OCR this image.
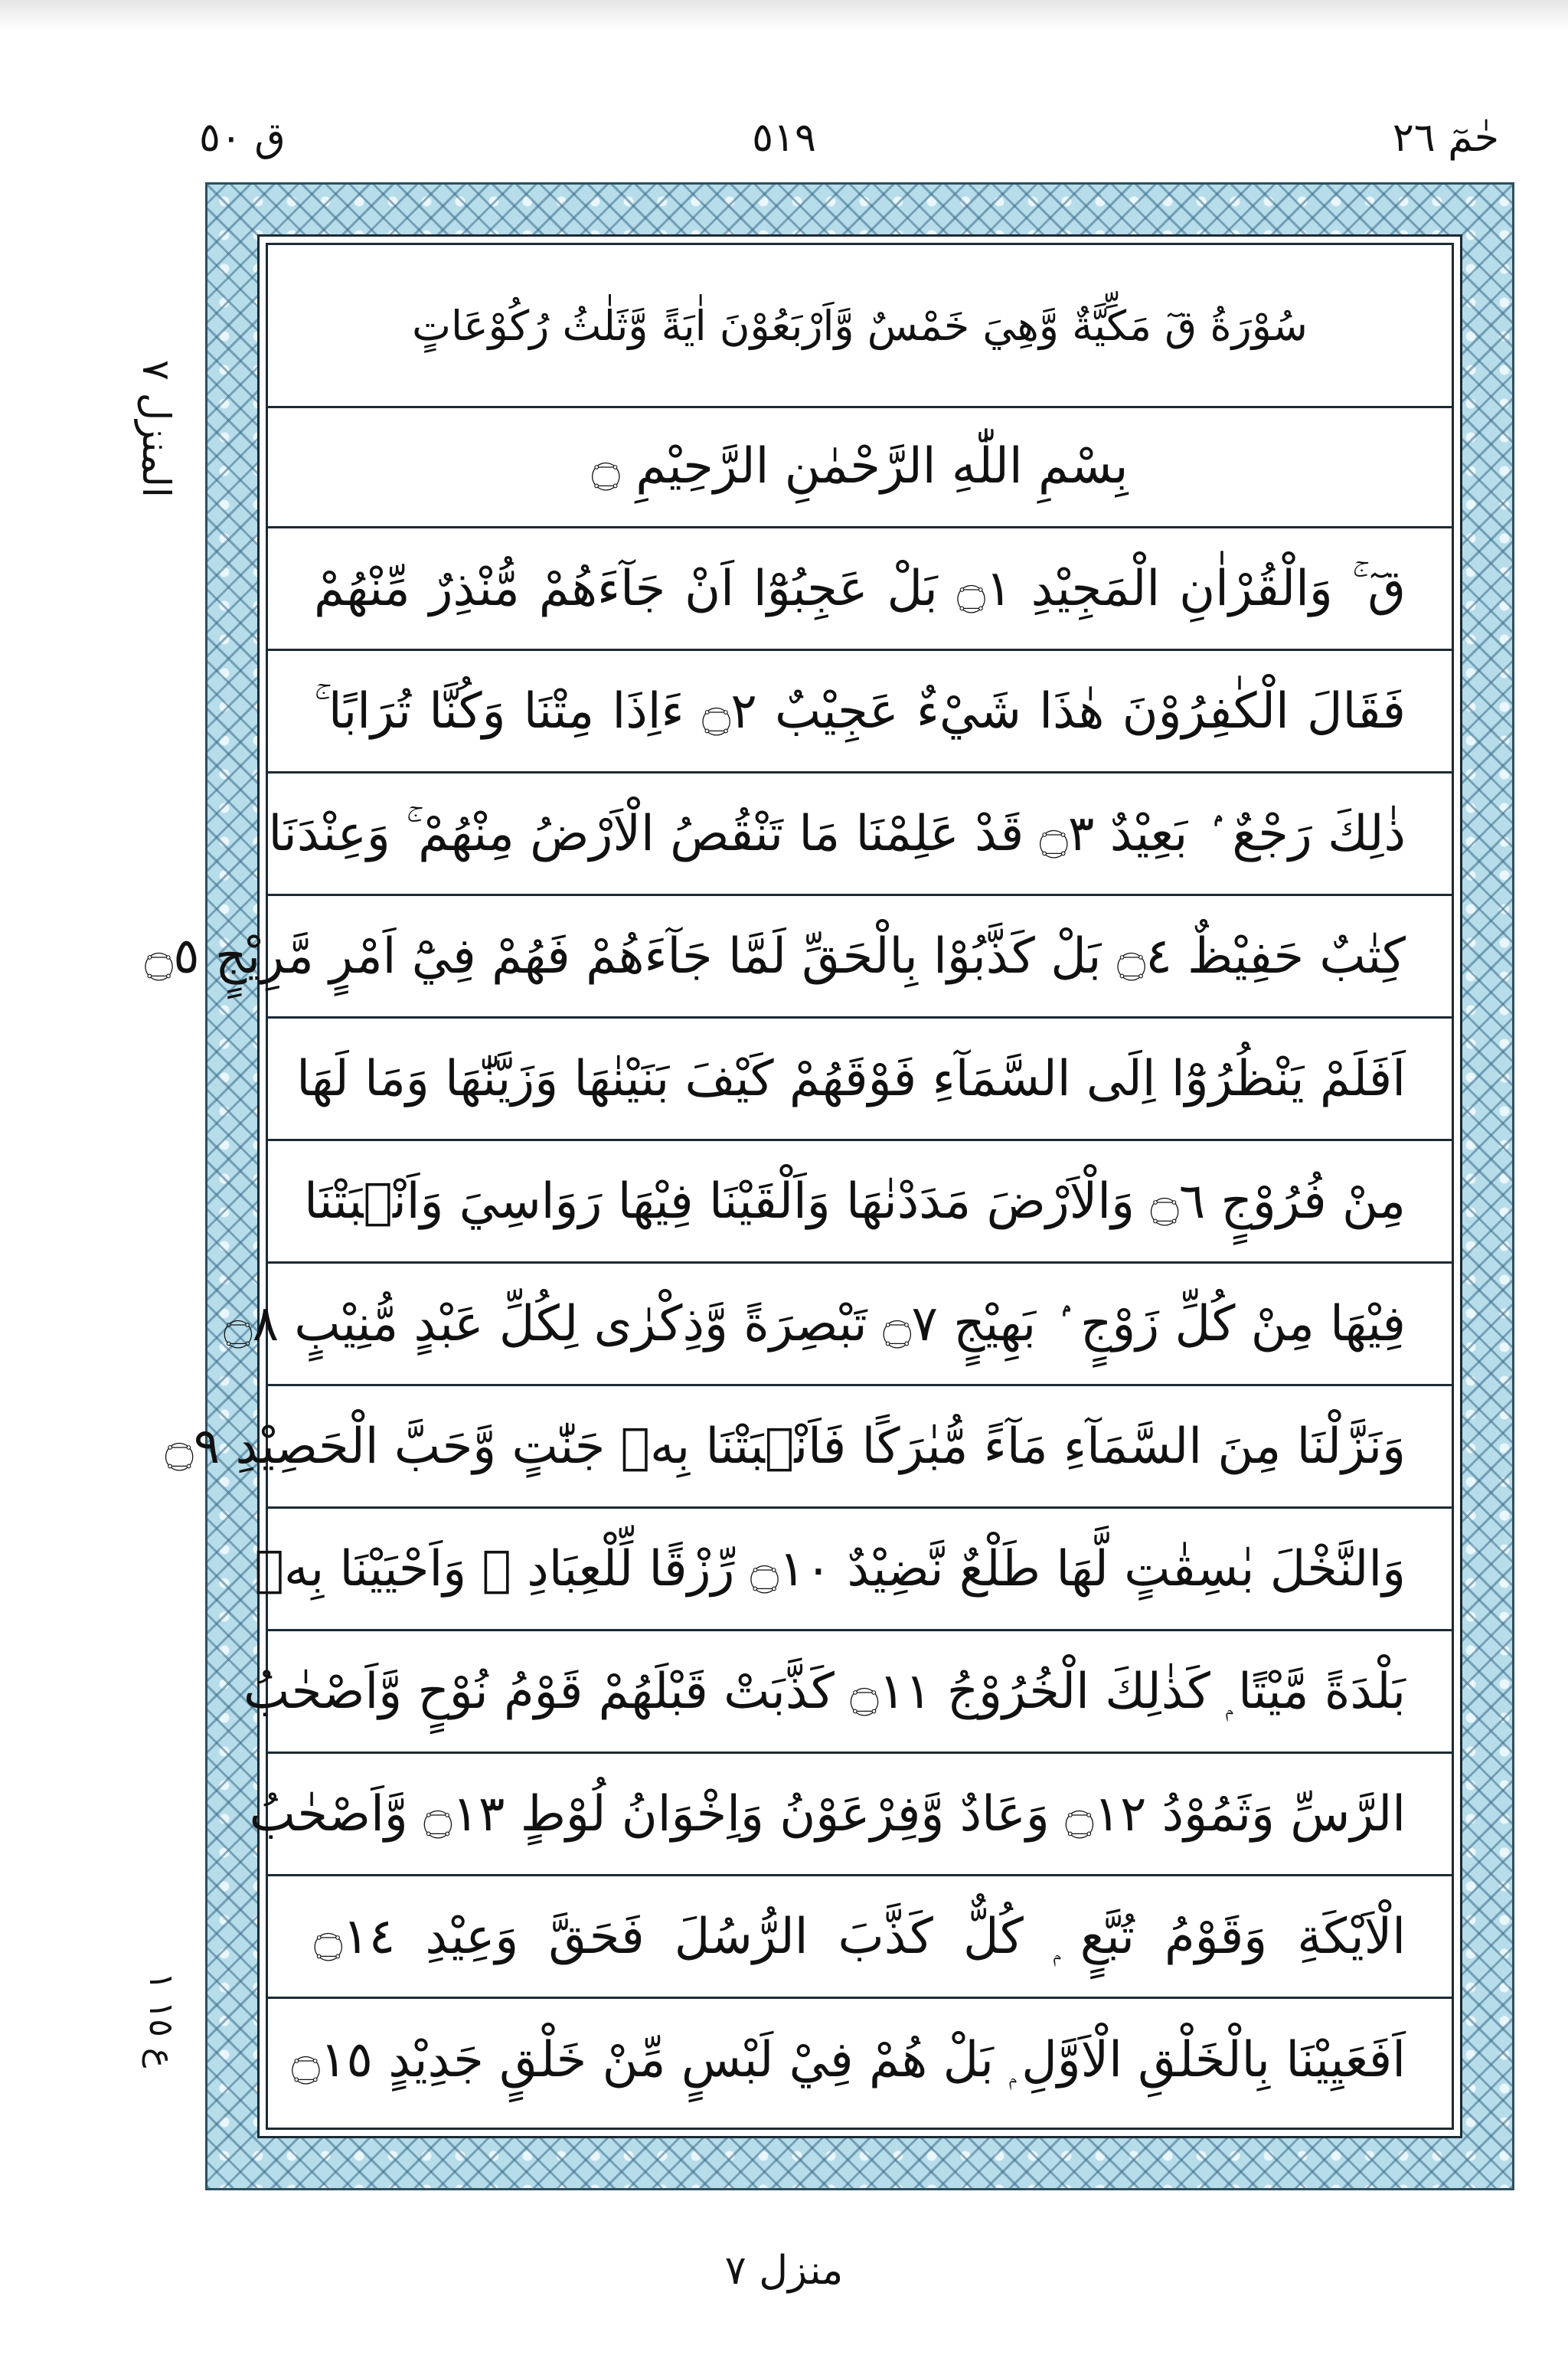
ق ٥٠	٥١٩	حٰمٓ ٢٦
المنزل ٧
ع ١٥ ١
سُوْرَةُ قٓ مَكِّيَّةٌ وَّهِيَ خَمْسٌ وَّاَرْبَعُوْنَ اٰيَةً وَّثَلٰثُ رُكُوْعَاتٍ
بِسْمِ اللّٰهِ الرَّحْمٰنِ الرَّحِيْمِ ۝
قٓ ۚ وَالْقُرْاٰنِ الْمَجِيْدِ ۝١ بَلْ عَجِبُوْٓا اَنْ جَآءَهُمْ مُّنْذِرٌ مِّنْهُمْ
فَقَالَ الْكٰفِرُوْنَ هٰذَا شَيْءٌ عَجِيْبٌ ۝٢ ءَاِذَا مِتْنَا وَكُنَّا تُرَابًا ۚ
ذٰلِكَ رَجْعٌ ۢ بَعِيْدٌ ۝٣ قَدْ عَلِمْنَا مَا تَنْقُصُ الْاَرْضُ مِنْهُمْ ۚ وَعِنْدَنَا
كِتٰبٌ حَفِيْظٌ ۝٤ بَلْ كَذَّبُوْا بِالْحَقِّ لَمَّا جَآءَهُمْ فَهُمْ فِيْٓ اَمْرٍ مَّرِيْجٍ ۝٥
اَفَلَمْ يَنْظُرُوْٓا اِلَى السَّمَآءِ فَوْقَهُمْ كَيْفَ بَنَيْنٰهَا وَزَيَّنّٰهَا وَمَا لَهَا
مِنْ فُرُوْجٍ ۝٦ وَالْاَرْضَ مَدَدْنٰهَا وَاَلْقَيْنَا فِيْهَا رَوَاسِيَ وَاَنْۢبَتْنَا
فِيْهَا مِنْ كُلِّ زَوْجٍ ۢ بَهِيْجٍ ۝٧ تَبْصِرَةً وَّذِكْرٰى لِكُلِّ عَبْدٍ مُّنِيْبٍ ۝٨
وَنَزَّلْنَا مِنَ السَّمَآءِ مَآءً مُّبٰرَكًا فَاَنْۢبَتْنَا بِهٖ جَنّٰتٍ وَّحَبَّ الْحَصِيْدِ ۝٩
وَالنَّخْلَ بٰسِقٰتٍ لَّهَا طَلْعٌ نَّضِيْدٌ ۝١٠ رِّزْقًا لِّلْعِبَادِ ۙ وَاَحْيَيْنَا بِهٖ
بَلْدَةً مَّيْتًا ۭ كَذٰلِكَ الْخُرُوْجُ ۝١١ كَذَّبَتْ قَبْلَهُمْ قَوْمُ نُوْحٍ وَّاَصْحٰبُ
الرَّسِّ وَثَمُوْدُ ۝١٢ وَعَادٌ وَّفِرْعَوْنُ وَاِخْوَانُ لُوْطٍ ۝١٣ وَّاَصْحٰبُ
الْاَيْكَةِ وَقَوْمُ تُبَّعٍ ۭ كُلٌّ كَذَّبَ الرُّسُلَ فَحَقَّ وَعِيْدِ ۝١٤
اَفَعَيِيْنَا بِالْخَلْقِ الْاَوَّلِ ۭ بَلْ هُمْ فِيْ لَبْسٍ مِّنْ خَلْقٍ جَدِيْدٍ ۝١٥
منزل ٧
